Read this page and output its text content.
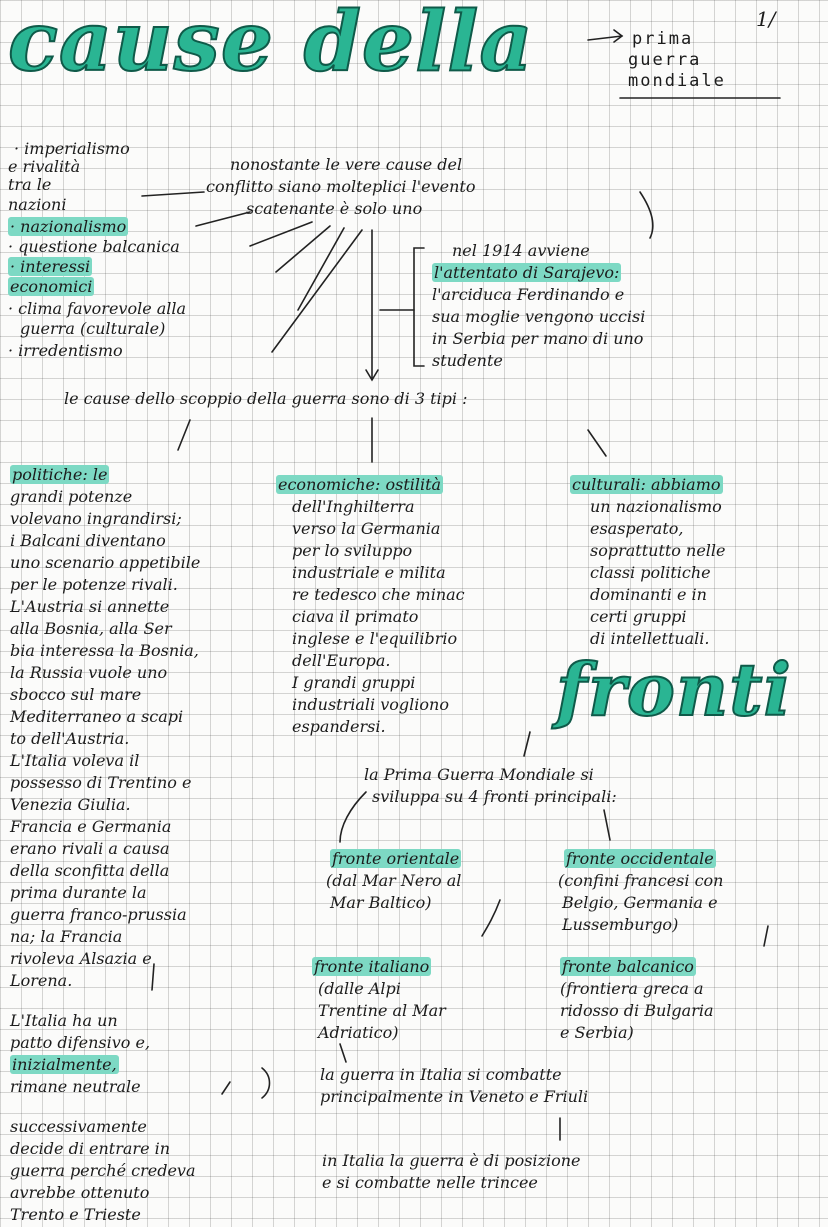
cause della	prima
guerra
mondiale
1/
· imperialismo
e rivalità
tra le
nazioni
· nazionalismo
· questione balcanica
· interessi
economici
· clima favorevole alla
guerra (culturale)
· irredentismo
nonostante le vere cause del
conflitto siano molteplici l'evento
scatenante è solo uno
nel 1914 avviene
l'attentato di Sarajevo:
l'arciduca Ferdinando e
sua moglie vengono uccisi
in Serbia per mano di uno
studente
le cause dello scoppio della guerra sono di 3 tipi :
politiche: le
grandi potenze
volevano ingrandirsi;
i Balcani diventano
uno scenario appetibile
per le potenze rivali.
L'Austria si annette
alla Bosnia, alla Ser
bia interessa la Bosnia,
la Russia vuole uno
sbocco sul mare
Mediterraneo a scapi
to dell'Austria.
L'Italia voleva il
possesso di Trentino e
Venezia Giulia.
Francia e Germania
erano rivali a causa
della sconfitta della
prima durante la
guerra franco-prussia
na; la Francia
rivoleva Alsazia e
Lorena.
L'Italia ha un
patto difensivo e,
inizialmente,
rimane neutrale
successivamente
decide di entrare in
guerra perché credeva
avrebbe ottenuto
Trento e Trieste
economiche: ostilità
dell'Inghilterra
verso la Germania
per lo sviluppo
industriale e milita
re tedesco che minac
ciava il primato
inglese e l'equilibrio
dell'Europa.
I grandi gruppi
industriali vogliono
espandersi.
culturali: abbiamo
un nazionalismo
esasperato,
soprattutto nelle
classi politiche
dominanti e in
certi gruppi
di intellettuali.
fronti
la Prima Guerra Mondiale si
sviluppa su 4 fronti principali:
fronte orientale
(dal Mar Nero al
Mar Baltico)
fronte occidentale
(confini francesi con
Belgio, Germania e
Lussemburgo)
fronte italiano
(dalle Alpi
Trentine al Mar
Adriatico)
fronte balcanico
(frontiera greca a
ridosso di Bulgaria
e Serbia)
la guerra in Italia si combatte
principalmente in Veneto e Friuli
in Italia la guerra è di posizione
e si combatte nelle trincee
